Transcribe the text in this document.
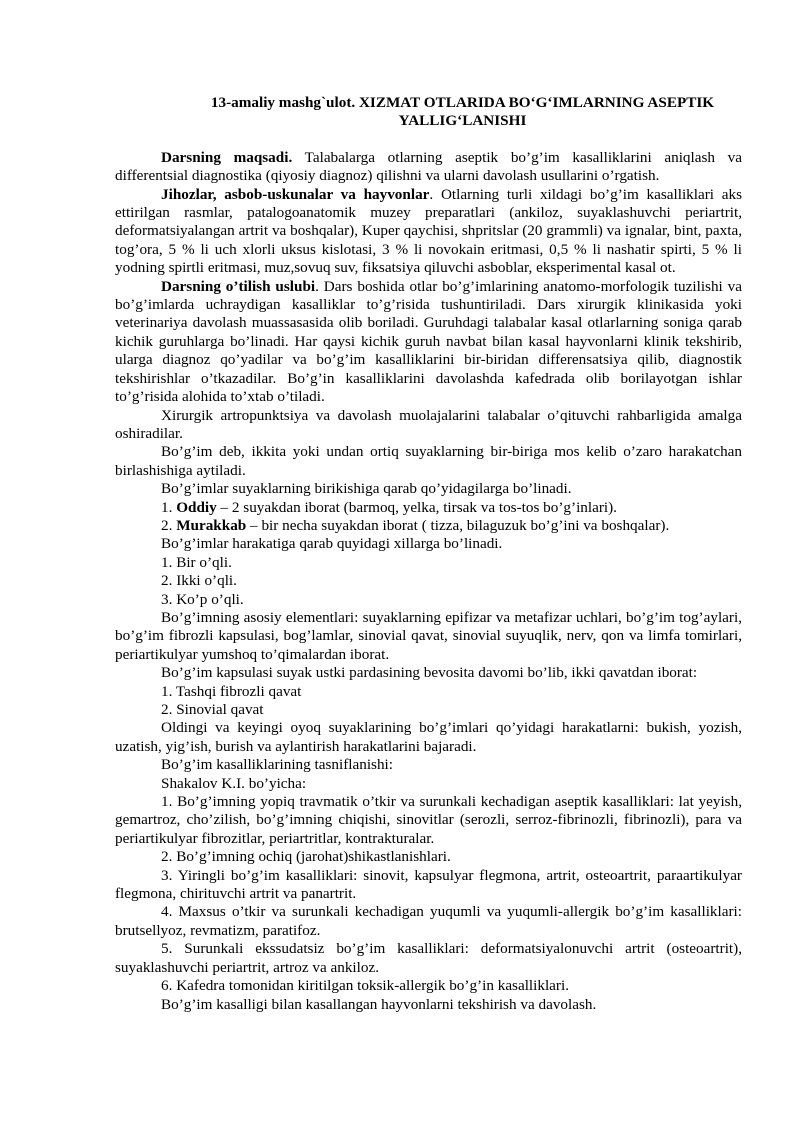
13-amaliy mashg`ulot. XIZMAT OTLARIDA BO‘G‘IMLARNING ASEPTIK
YALLIG‘LANISHI

Darsning maqsadi. Talabalarga otlarning aseptik bo’g’im kasalliklarini aniqlash va differentsial diagnostika (qiyosiy diagnoz) qilishni va ularni davolash usullarini o’rgatish.

Jihozlar, asbob-uskunalar va hayvonlar. Otlarning turli xildagi bo’g’im kasalliklari aks ettirilgan rasmlar, patalogoanatomik muzey preparatlari (ankiloz, suyaklashuvchi periartrit, deformatsiyalangan artrit va boshqalar), Kuper qaychisi, shpritslar (20 grammli) va ignalar, bint, paxta, tog’ora, 5 % li uch xlorli uksus kislotasi, 3 % li novokain eritmasi, 0,5 % li nashatir spirti, 5 % li yodning spirtli eritmasi, muz,sovuq suv, fiksatsiya qiluvchi asboblar, eksperimental kasal ot.

Darsning o’tilish uslubi. Dars boshida otlar bo’g’imlarining anatomo-morfologik tuzilishi va bo’g’imlarda uchraydigan kasalliklar to’g’risida tushuntiriladi. Dars xirurgik klinikasida yoki veterinariya davolash muassasasida olib boriladi. Guruhdagi talabalar kasal otlarlarning soniga qarab kichik guruhlarga bo’linadi. Har qaysi kichik guruh navbat bilan kasal hayvonlarni klinik tekshirib, ularga diagnoz qo’yadilar va bo’g’im kasalliklarini bir-biridan differensatsiya qilib, diagnostik tekshirishlar o’tkazadilar. Bo’g’in kasalliklarini davolashda kafedrada olib borilayotgan ishlar to’g’risida alohida to’xtab o’tiladi.

Xirurgik artropunktsiya va davolash muolajalarini talabalar o’qituvchi rahbarligida amalga oshiradilar.

Bo’g’im deb, ikkita yoki undan ortiq suyaklarning bir-biriga mos kelib o’zaro harakatchan birlashishiga aytiladi.

Bo’g’imlar suyaklarning birikishiga qarab qo’yidagilarga bo’linadi.

1. Oddiy – 2 suyakdan iborat (barmoq, yelka, tirsak va tos-tos bo’g’inlari).

2. Murakkab – bir necha suyakdan iborat ( tizza, bilaguzuk bo’g’ini va boshqalar).

Bo’g’imlar harakatiga qarab quyidagi xillarga bo’linadi.

1. Bir o’qli.

2. Ikki o’qli.

3. Ko’p o’qli.

Bo’g’imning asosiy elementlari: suyaklarning epifizar va metafizar uchlari, bo’g’im tog’aylari, bo’g’im fibrozli kapsulasi, bog’lamlar, sinovial qavat, sinovial suyuqlik, nerv, qon va limfa tomirlari, periartikulyar yumshoq to’qimalardan iborat.

Bo’g’im kapsulasi suyak ustki pardasining bevosita davomi bo’lib, ikki qavatdan iborat:

1. Tashqi fibrozli qavat

2. Sinovial qavat

Oldingi va keyingi oyoq suyaklarining bo’g’imlari qo’yidagi harakatlarni: bukish, yozish, uzatish, yig’ish, burish va aylantirish harakatlarini bajaradi.

Bo’g’im kasalliklarining tasniflanishi:

Shakalov K.I. bo’yicha:

1. Bo’g’imning yopiq travmatik o’tkir va surunkali kechadigan aseptik kasalliklari: lat yeyish, gemartroz, cho’zilish, bo’g’imning chiqishi, sinovitlar (serozli, serroz-fibrinozli, fibrinozli), para va periartikulyar fibrozitlar, periartritlar, kontrakturalar.

2. Bo’g’imning ochiq (jarohat)shikastlanishlari.

3. Yiringli bo’g’im kasalliklari: sinovit, kapsulyar flegmona, artrit, osteoartrit, paraartikulyar flegmona, chirituvchi artrit va panartrit.

4. Maxsus o’tkir va surunkali kechadigan yuqumli va yuqumli-allergik bo’g’im kasalliklari: brutsellyoz, revmatizm, paratifoz.

5. Surunkali ekssudatsiz bo’g’im kasalliklari: deformatsiyalonuvchi artrit (osteoartrit), suyaklashuvchi periartrit, artroz va ankiloz.

6. Kafedra tomonidan kiritilgan toksik-allergik bo’g’in kasalliklari.

Bo’g’im kasalligi bilan kasallangan hayvonlarni tekshirish va davolash.
